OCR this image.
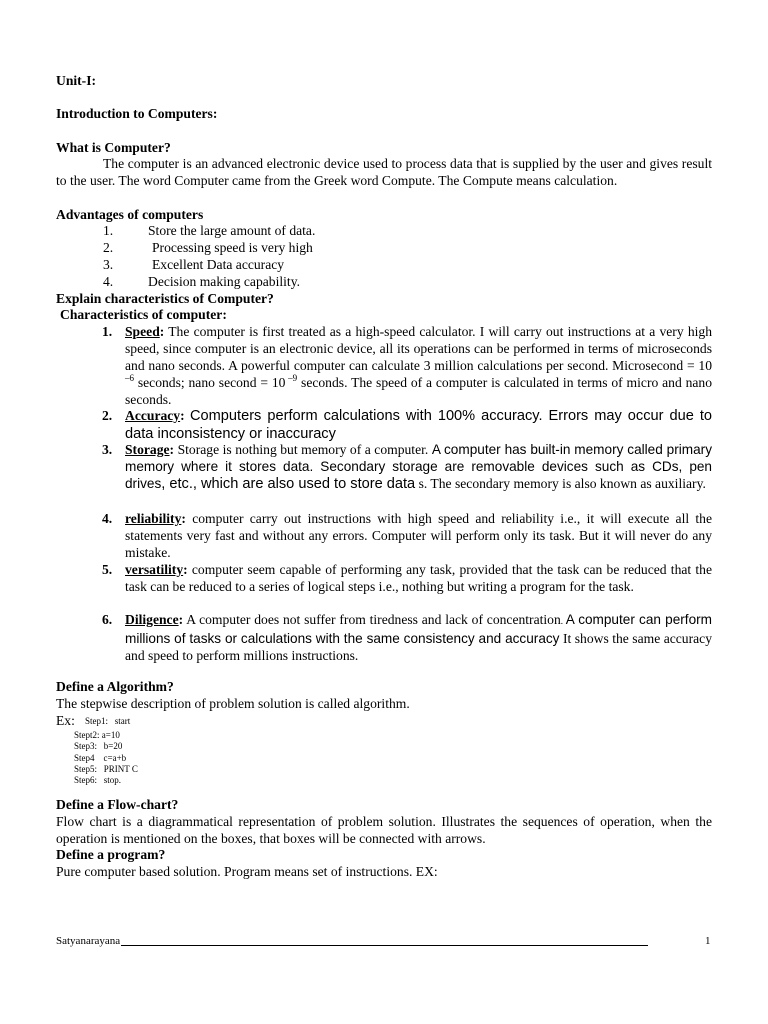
Unit-I:

Introduction to Computers:

What is Computer?

The computer is an advanced electronic device used to process data that is supplied by the user and gives result to the user. The word Computer came from the Greek word Compute. The Compute means calculation.

Advantages of computers

1.	Store the large amount of data.
2.	Processing speed is very high
3.	Excellent Data accuracy
4.	Decision making capability.

Explain characteristics of Computer?

Characteristics of computer:

1. Speed: The computer is first treated as a high-speed calculator. I will carry out instructions at a very high speed, since computer is an electronic device, all its operations can be performed in terms of microseconds and nano seconds. A powerful computer can calculate 3 million calculations per second. Microsecond = 10 $^{-6}$ seconds; nano second = 10 $^{-9}$ seconds. The speed of a computer is calculated in terms of micro and nano seconds.
2. Accuracy: Computers perform calculations with 100% accuracy. Errors may occur due to data inconsistency or inaccuracy
3. Storage: Storage is nothing but memory of a computer. A computer has built-in memory called primary memory where it stores data. Secondary storage are removable devices such as CDs, pen drives, etc., which are also used to store data s. The secondary memory is also known as auxiliary.
4. reliability: computer carry out instructions with high speed and reliability i.e., it will execute all the statements very fast and without any errors. Computer will perform only its task. But it will never do any mistake.
5. versatility: computer seem capable of performing any task, provided that the task can be reduced that the task can be reduced to a series of logical steps i.e., nothing but writing a program for the task.
6. Diligence: A computer does not suffer from tiredness and lack of concentration. A computer can perform millions of tasks or calculations with the same consistency and accuracy It shows the same accuracy and speed to perform millions instructions.

Define a Algorithm?

The stepwise description of problem solution is called algorithm.

Ex: Step1:   start
Stept2: a=10
Step3:   b=20
Step4    c=a+b
Step5:   PRINT C
Step6:   stop.

Define a Flow-chart?

Flow chart is a diagrammatical representation of problem solution. Illustrates the sequences of operation, when the operation is mentioned on the boxes, that boxes will be connected with arrows.

Define a program?

Pure computer based solution. Program means set of instructions. EX:

Satyanarayana	1
